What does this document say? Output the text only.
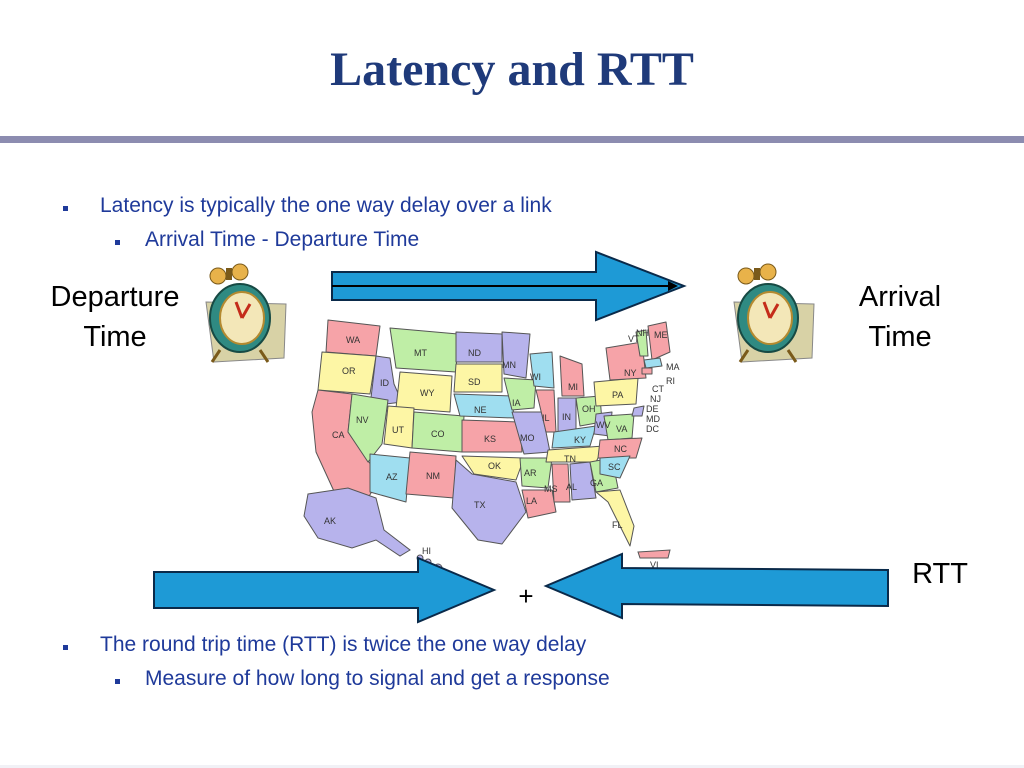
Latency and RTT
Latency is typically the one way delay over a link
Arrival Time - Departure Time
The round trip time (RTT) is twice the one way delay
Measure of how long to signal and get a response
Departure
Time
Arrival
Time
RTT
+
WA
OR
CA
ID
NV
MT
WY
UT
AZ	NM
CO
ND
SD
NE
KS
OK
TX
MN
IA
MO
AR
LA
WI
IL
MI
IN
KY
TN
MS AL GA
FL
OH
WV VA
NC
SC
PA
NY
VT
NH ME
MA
RI
CT
NJ
DE
MD
DC
AK
HI
VI
